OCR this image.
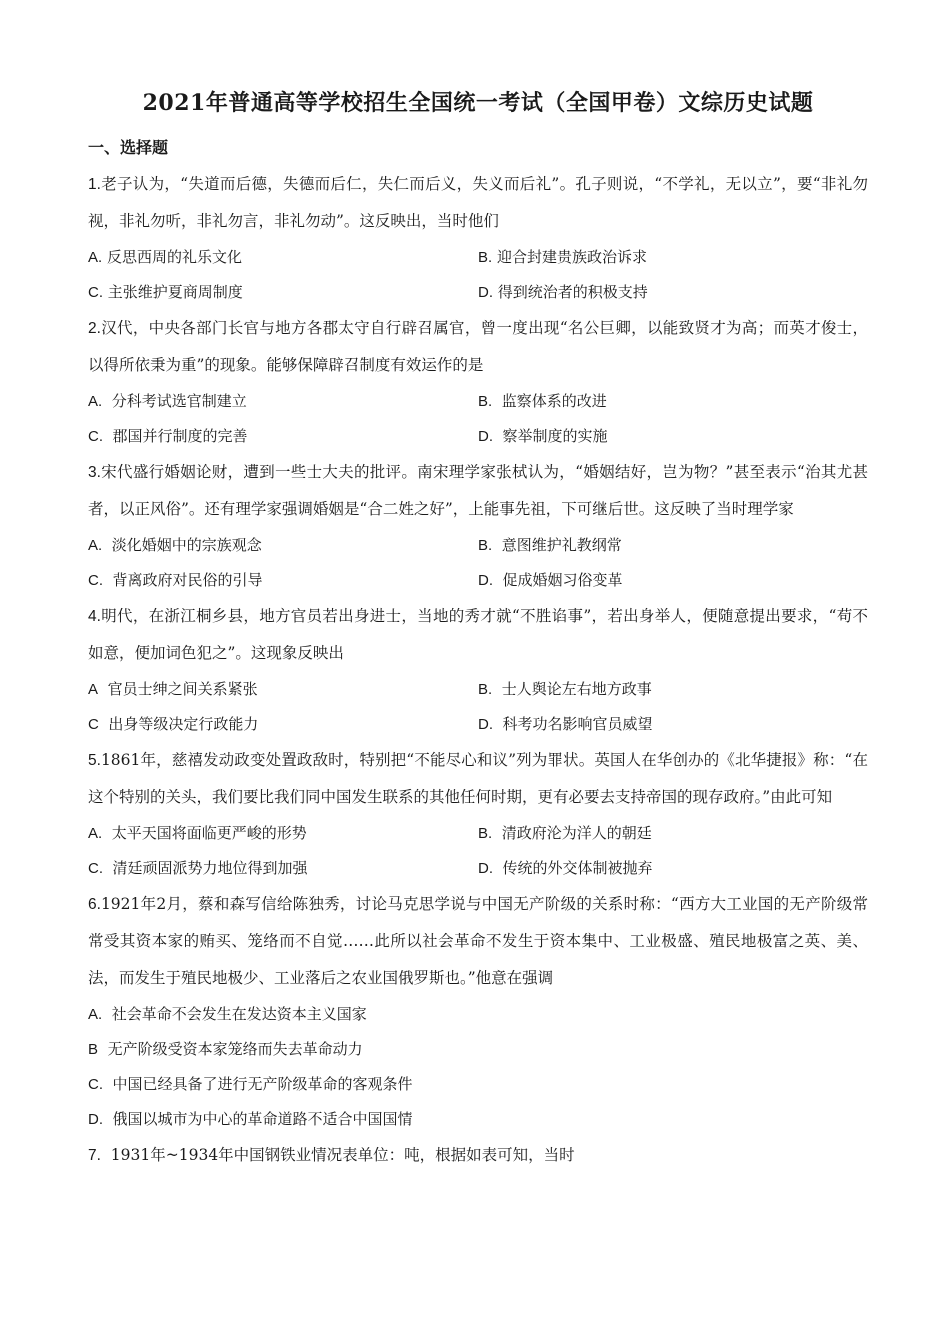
2021年普通高等学校招生全国统一考试（全国甲卷）文综历史试题
一、选择题

1.老子认为，“失道而后德，失德而后仁，失仁而后义，失义而后礼”。孔子则说，“不学礼，无以立”，要“非礼勿视，非礼勿听，非礼勿言，非礼勿动”。这反映出，当时他们

A. 反思西周的礼乐文化	B. 迎合封建贵族政治诉求
C. 主张维护夏商周制度	D. 得到统治者的积极支持

2.汉代，中央各部门长官与地方各郡太守自行辟召属官，曾一度出现“名公巨卿，以能致贤才为高；而英才俊士，以得所依秉为重”的现象。能够保障辟召制度有效运作的是

A. 分科考试选官制建立	B. 监察体系的改进
C. 郡国并行制度的完善	D. 察举制度的实施

3.宋代盛行婚姻论财，遭到一些士大夫的批评。南宋理学家张栻认为，“婚姻结好，岂为物？”甚至表示“治其尤甚者，以正风俗”。还有理学家强调婚姻是“合二姓之好”，上能事先祖，下可继后世。这反映了当时理学家

A. 淡化婚姻中的宗族观念	B. 意图维护礼教纲常
C. 背离政府对民俗的引导	D. 促成婚姻习俗变革

4.明代，在浙江桐乡县，地方官员若出身进士，当地的秀才就“不胜谄事”，若出身举人，便随意提出要求，“苟不如意，便加词色犯之”。这现象反映出

A 官员士绅之间关系紧张	B. 士人舆论左右地方政事
C 出身等级决定行政能力	D. 科考功名影响官员威望

5.1861年，慈禧发动政变处置政敌时，特别把“不能尽心和议”列为罪状。英国人在华创办的《北华捷报》称：“在这个特别的关头，我们要比我们同中国发生联系的其他任何时期，更有必要去支持帝国的现存政府。”由此可知

A. 太平天国将面临更严峻的形势	B. 清政府沦为洋人的朝廷
C. 清廷顽固派势力地位得到加强	D. 传统的外交体制被抛弃

6.1921年2月，蔡和森写信给陈独秀，讨论马克思学说与中国无产阶级的关系时称：“西方大工业国的无产阶级常常受其资本家的贿买、笼络而不自觉……此所以社会革命不发生于资本集中、工业极盛、殖民地极富之英、美、法，而发生于殖民地极少、工业落后之农业国俄罗斯也。”他意在强调

A. 社会革命不会发生在发达资本主义国家
B 无产阶级受资本家笼络而失去革命动力
C. 中国已经具备了进行无产阶级革命的客观条件
D. 俄国以城市为中心的革命道路不适合中国国情

7. 1931年~1934年中国钢铁业情况表单位：吨，根据如表可知，当时
